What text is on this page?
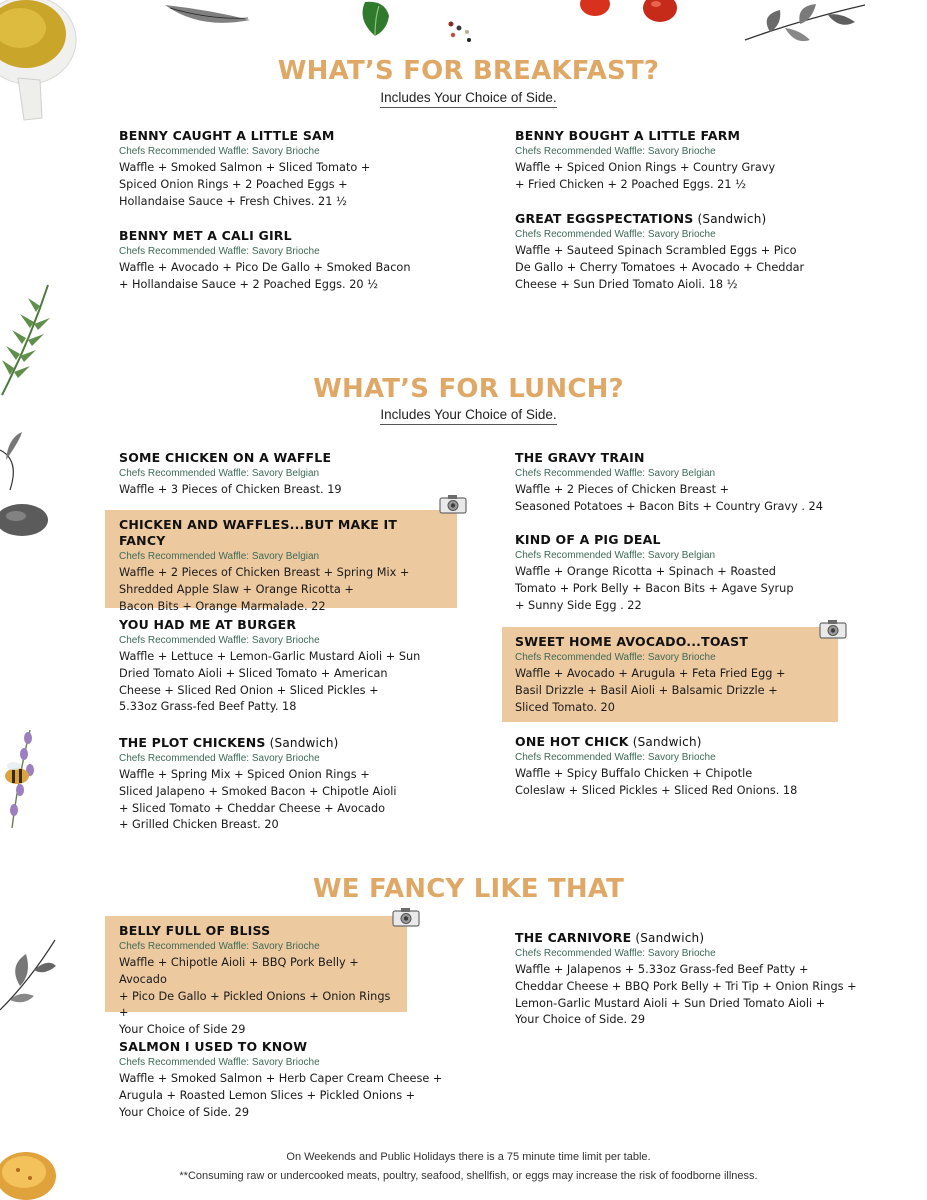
WHAT’S FOR BREAKFAST?
Includes Your Choice of Side.
BENNY CAUGHT A LITTLE SAM
Chefs Recommended Waffle: Savory Brioche
Waffle + Smoked Salmon + Sliced Tomato +
Spiced Onion Rings + 2 Poached Eggs +
Hollandaise Sauce + Fresh Chives. 21 ½
BENNY MET A CALI GIRL
Chefs Recommended Waffle: Savory Brioche
Waffle + Avocado + Pico De Gallo + Smoked Bacon
+ Hollandaise Sauce + 2 Poached Eggs. 20 ½
BENNY BOUGHT A LITTLE FARM
Chefs Recommended Waffle: Savory Brioche
Waffle + Spiced Onion Rings + Country Gravy
+ Fried Chicken + 2 Poached Eggs. 21 ½
GREAT EGGSPECTATIONS (Sandwich)
Chefs Recommended Waffle: Savory Brioche
Waffle + Sauteed Spinach Scrambled Eggs + Pico
De Gallo + Cherry Tomatoes + Avocado + Cheddar
Cheese + Sun Dried Tomato Aioli. 18 ½
WHAT’S FOR LUNCH?
Includes Your Choice of Side.
SOME CHICKEN ON A WAFFLE
Chefs Recommended Waffle: Savory Belgian
Waffle + 3 Pieces of Chicken Breast. 19
CHICKEN AND WAFFLES...BUT MAKE IT FANCY
Chefs Recommended Waffle: Savory Belgian
Waffle + 2 Pieces of Chicken Breast + Spring Mix +
Shredded Apple Slaw + Orange Ricotta +
Bacon Bits + Orange Marmalade. 22
YOU HAD ME AT BURGER
Chefs Recommended Waffle: Savory Brioche
Waffle + Lettuce + Lemon-Garlic Mustard Aioli + Sun
Dried Tomato Aioli + Sliced Tomato + American
Cheese + Sliced Red Onion + Sliced Pickles +
5.33oz Grass-fed Beef Patty. 18
THE PLOT CHICKENS (Sandwich)
Chefs Recommended Waffle: Savory Brioche
Waffle + Spring Mix + Spiced Onion Rings +
Sliced Jalapeno + Smoked Bacon + Chipotle Aioli
+ Sliced Tomato + Cheddar Cheese + Avocado
+ Grilled Chicken Breast. 20
THE GRAVY TRAIN
Chefs Recommended Waffle: Savory Belgian
Waffle + 2 Pieces of Chicken Breast +
Seasoned Potatoes + Bacon Bits + Country Gravy . 24
KIND OF A PIG DEAL
Chefs Recommended Waffle: Savory Belgian
Waffle + Orange Ricotta + Spinach + Roasted
Tomato + Pork Belly + Bacon Bits + Agave Syrup
+ Sunny Side Egg . 22
SWEET HOME AVOCADO...TOAST
Chefs Recommended Waffle: Savory Brioche
Waffle + Avocado + Arugula + Feta Fried Egg +
Basil Drizzle + Basil Aioli + Balsamic Drizzle +
Sliced Tomato. 20
ONE HOT CHICK (Sandwich)
Chefs Recommended Waffle: Savory Brioche
Waffle + Spicy Buffalo Chicken + Chipotle
Coleslaw + Sliced Pickles + Sliced Red Onions. 18
WE FANCY LIKE THAT
BELLY FULL OF BLISS
Chefs Recommended Waffle: Savory Brioche
Waffle + Chipotle Aioli + BBQ Pork Belly + Avocado
+ Pico De Gallo + Pickled Onions + Onion Rings +
Your Choice of Side 29
SALMON I USED TO KNOW
Chefs Recommended Waffle: Savory Brioche
Waffle + Smoked Salmon + Herb Caper Cream Cheese +
Arugula + Roasted Lemon Slices + Pickled Onions +
Your Choice of Side. 29
THE CARNIVORE (Sandwich)
Chefs Recommended Waffle: Savory Brioche
Waffle + Jalapenos + 5.33oz Grass-fed Beef Patty +
Cheddar Cheese + BBQ Pork Belly + Tri Tip + Onion Rings +
Lemon-Garlic Mustard Aioli + Sun Dried Tomato Aioli +
Your Choice of Side. 29
On Weekends and Public Holidays there is a 75 minute time limit per table.
**Consuming raw or undercooked meats, poultry, seafood, shellfish, or eggs may increase the risk of foodborne illness.
